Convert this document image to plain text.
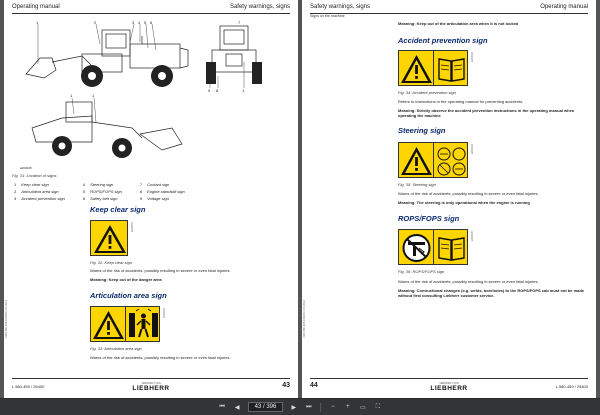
Operating manual	Safety warnings, signs
1	2	3 4 5 6	7
9 8	1
1	1
a000045
Fig. 31: Location of signs
1	Keep clear sign	4	Steering sign	7	Coolant sign
2	Articulation area sign	5	ROPS/FOPS sign	8	Engine standstill sign
3	Accident prevention sign	6	Safety belt sign	9	Voltage sign
Keep clear sign
a000001
Fig. 32: Keep clear sign
Warns of the risk of accidents, possibly resulting in severe or even fatal injuries.
Meaning: Keep out of the danger area
Articulation area sign
a000002
Fig. 33: Articulation area sign
Warns of the risk of accidents, possibly resulting in severe or even fatal injuries.
LWR 580 K554 0/0000 / 00 2014
L 580-459 / 25400
VERSORGT VON
LIEBHERR	43
Safety warnings, signs	Operating manual
Signs on the machine
Meaning: Keep out of the articulation area when it is not locked
Accident prevention sign
a000003
Fig. 34: Accident prevention sign
Refers to instructions in the operating manual for preventing accidents.
Meaning: Strictly observe the accident prevention instructions in the operating manual when operating the machine
Steering sign
a000004
Fig. 35: Steering sign
Warns of the risk of accidents, possibly resulting in severe or even fatal injuries.
Meaning: The steering is only operational when the engine is running
ROPS/FOPS sign
a000005
Fig. 36: ROPS/FOPS sign
Warns of the risk of accidents, possibly resulting in severe or even fatal injuries.
Meaning: Contructional changes (e.g. welds, boreholes) to the ROPS/FOPS cab must not be made without first consulting Liebherr customer service.
LWR 580 K554 0/0000 / 00 2014
44	VERSORGT VON
LIEBHERR	L 580-459 / 25400
⏮	◀	43 / 396	▶	⏭	−	+	▭	⛶
